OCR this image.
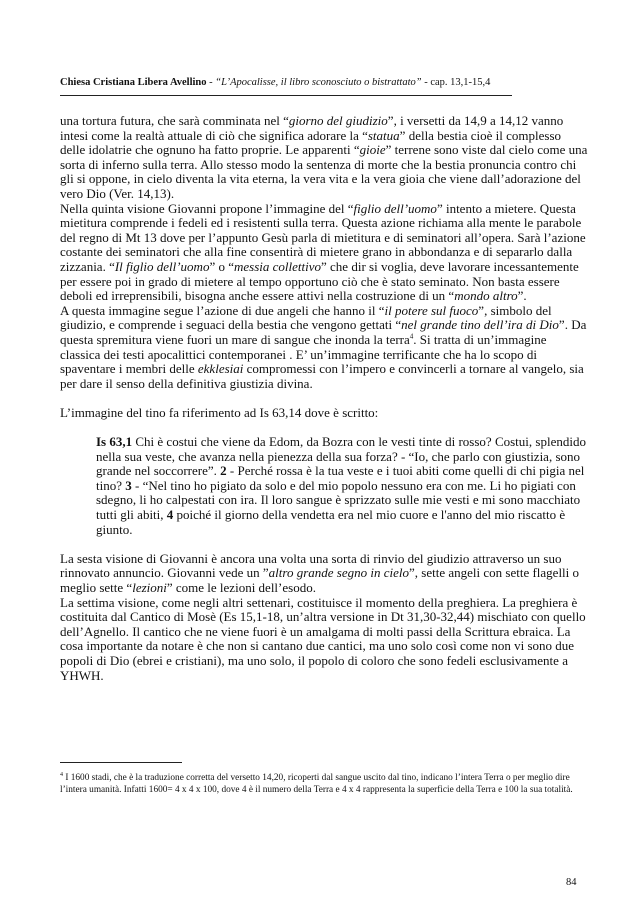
Chiesa Cristiana Libera Avellino - “L’Apocalisse, il libro sconosciuto o bistrattato” - cap. 13,1-15,4

una tortura futura, che sarà comminata nel “giorno del giudizio”, i versetti da 14,9 a 14,12 vanno intesi come la realtà attuale di ciò che significa adorare la “statua” della bestia cioè il complesso delle idolatrie che ognuno ha fatto proprie. Le apparenti “gioie” terrene sono viste dal cielo come una sorta di inferno sulla terra. Allo stesso modo la sentenza di morte che la bestia pronuncia contro chi gli si oppone, in cielo diventa la vita eterna, la vera vita e la vera gioia che viene dall’adorazione del vero Dio (Ver. 14,13).

Nella quinta visione Giovanni propone l’immagine del “figlio dell’uomo” intento a mietere. Questa mietitura comprende i fedeli ed i resistenti sulla terra. Questa azione richiama alla mente le parabole del regno di Mt 13 dove per l’appunto Gesù parla di mietitura e di seminatori all’opera. Sarà l’azione costante dei seminatori che alla fine consentirà di mietere grano in abbondanza e di separarlo dalla zizzania. “Il figlio dell’uomo” o “messia collettivo” che dir si voglia, deve lavorare incessantemente per essere poi in grado di mietere al tempo opportuno ciò che è stato seminato. Non basta essere deboli ed irreprensibili, bisogna anche essere attivi nella costruzione di un “mondo altro”.

A questa immagine segue l’azione di due angeli che hanno il “il potere sul fuoco”, simbolo del giudizio, e comprende i seguaci della bestia che vengono gettati “nel grande tino dell’ira di Dio”. Da questa spremitura viene fuori un mare di sangue che inonda la terra$^4$. Si tratta di un’immagine classica dei testi apocalittici contemporanei . E’ un’immagine terrificante che ha lo scopo di spaventare i membri delle ekklesiai compromessi con l’impero e convincerli a tornare al vangelo, sia per dare il senso della definitiva giustizia divina.

L’immagine del tino fa riferimento ad Is 63,14 dove è scritto:

Is 63,1 Chi è costui che viene da Edom, da Bozra con le vesti tinte di rosso? Costui, splendido nella sua veste, che avanza nella pienezza della sua forza? - “Io, che parlo con giustizia, sono grande nel soccorrere”. 2 - Perché rossa è la tua veste e i tuoi abiti come quelli di chi pigia nel tino? 3 - “Nel tino ho pigiato da solo e del mio popolo nessuno era con me. Li ho pigiati con sdegno, li ho calpestati con ira. Il loro sangue è sprizzato sulle mie vesti e mi sono macchiato tutti gli abiti, 4 poiché il giorno della vendetta era nel mio cuore e l'anno del mio riscatto è giunto.

La sesta visione di Giovanni è ancora una volta una sorta di rinvio del giudizio attraverso un suo rinnovato annuncio. Giovanni vede un ”altro grande segno in cielo”, sette angeli con sette flagelli o meglio sette “lezioni” come le lezioni dell’esodo.

La settima visione, come negli altri settenari, costituisce il momento della preghiera. La preghiera è costituita dal Cantico di Mosè (Es 15,1-18, un’altra versione in Dt 31,30-32,44) mischiato con quello dell’Agnello. Il cantico che ne viene fuori è un amalgama di molti passi della Scrittura ebraica. La cosa importante da notare è che non si cantano due cantici, ma uno solo così come non vi sono due popoli di Dio (ebrei e cristiani), ma uno solo, il popolo di coloro che sono fedeli esclusivamente a YHWH.

$^4$ I 1600 stadi, che è la traduzione corretta del versetto 14,20, ricoperti dal sangue uscito dal tino, indicano l’intera Terra o per meglio dire l’intera umanità. Infatti 1600= 4 x 4 x 100, dove 4 è il numero della Terra e 4 x 4 rappresenta la superficie della Terra e 100 la sua totalità.
84
